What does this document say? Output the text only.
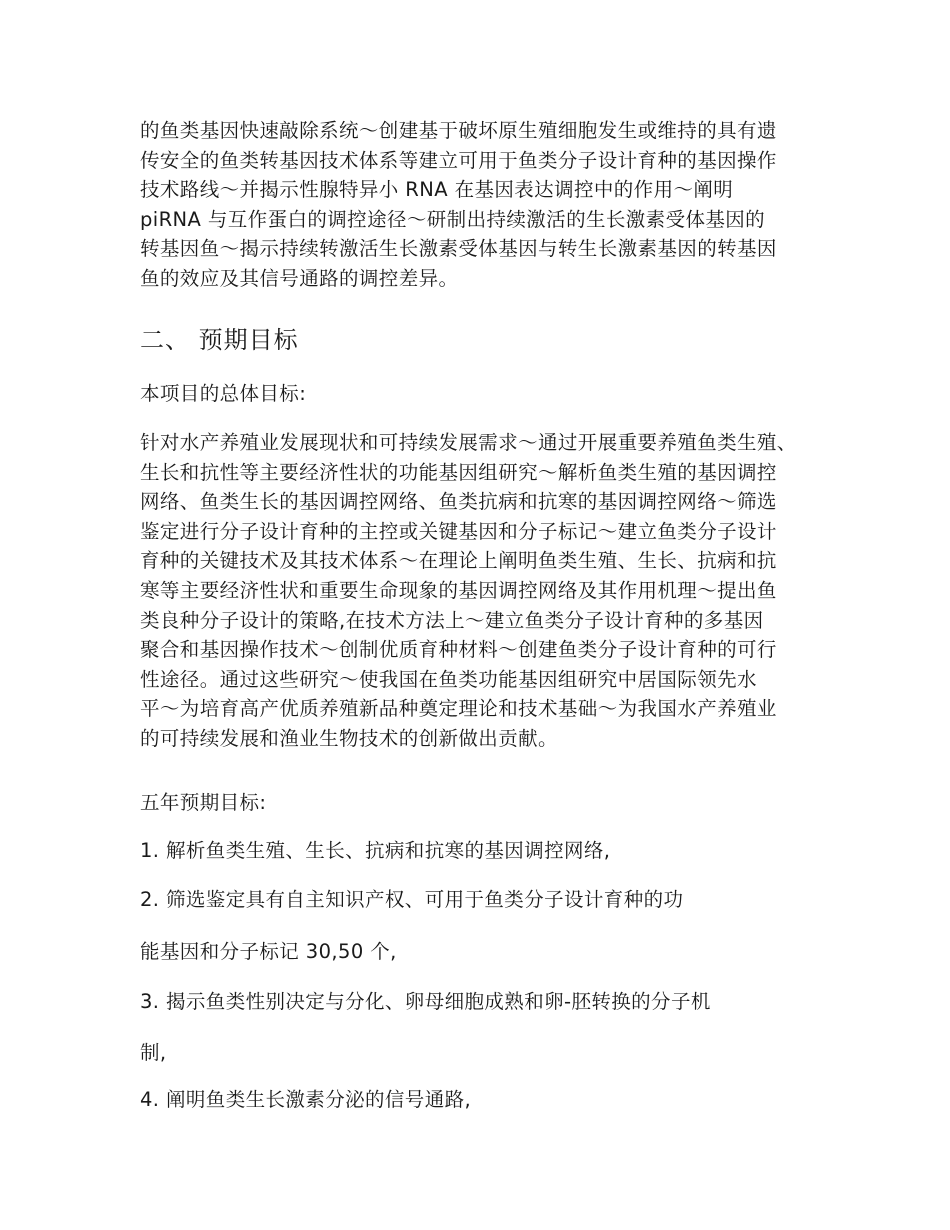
的鱼类基因快速敲除系统～创建基于破坏原生殖细胞发生或维持的具有遗
传安全的鱼类转基因技术体系等建立可用于鱼类分子设计育种的基因操作
技术路线～并揭示性腺特异小 RNA 在基因表达调控中的作用～阐明
piRNA 与互作蛋白的调控途径～研制出持续激活的生长激素受体基因的
转基因鱼～揭示持续转激活生长激素受体基因与转生长激素基因的转基因
鱼的效应及其信号通路的调控差异。
二、 预期目标
本项目的总体目标:
针对水产养殖业发展现状和可持续发展需求～通过开展重要养殖鱼类生殖、
生长和抗性等主要经济性状的功能基因组研究～解析鱼类生殖的基因调控
网络、鱼类生长的基因调控网络、鱼类抗病和抗寒的基因调控网络～筛选
鉴定进行分子设计育种的主控或关键基因和分子标记～建立鱼类分子设计
育种的关键技术及其技术体系～在理论上阐明鱼类生殖、生长、抗病和抗
寒等主要经济性状和重要生命现象的基因调控网络及其作用机理～提出鱼
类良种分子设计的策略,在技术方法上～建立鱼类分子设计育种的多基因
聚合和基因操作技术～创制优质育种材料～创建鱼类分子设计育种的可行
性途径。通过这些研究～使我国在鱼类功能基因组研究中居国际领先水
平～为培育高产优质养殖新品种奠定理论和技术基础～为我国水产养殖业
的可持续发展和渔业生物技术的创新做出贡献。
五年预期目标:
1. 解析鱼类生殖、生长、抗病和抗寒的基因调控网络,
2. 筛选鉴定具有自主知识产权、可用于鱼类分子设计育种的功
能基因和分子标记 30,50 个,
3. 揭示鱼类性别决定与分化、卵母细胞成熟和卵-胚转换的分子机
制,
4. 阐明鱼类生长激素分泌的信号通路,
